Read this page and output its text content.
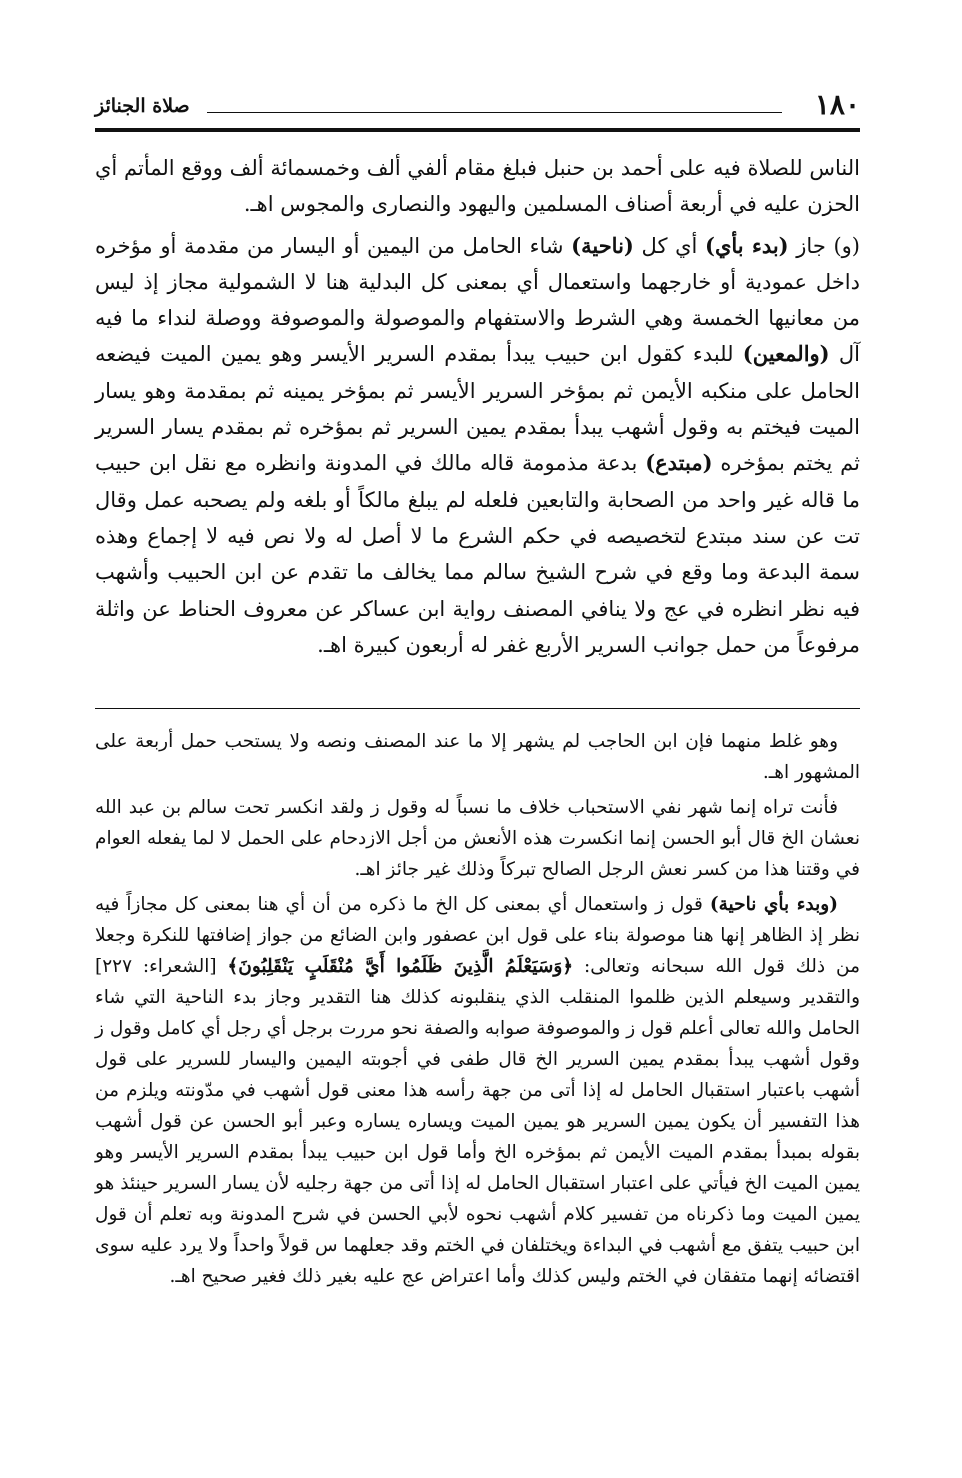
١٨٠
صلاة الجنائز

الناس للصلاة فيه على أحمد بن حنبل فبلغ مقام ألفي ألف وخمسمائة ألف ووقع المأتم أي الحزن عليه في أربعة أصناف المسلمين واليهود والنصارى والمجوس اهـ.

(و) جاز (بدء بأي) أي كل (ناحية) شاء الحامل من اليمين أو اليسار من مقدمة أو مؤخره داخل عمودية أو خارجهما واستعمال أي بمعنى كل البدلية هنا لا الشمولية مجاز إذ ليس من معانيها الخمسة وهي الشرط والاستفهام والموصولة والموصوفة ووصلة لنداء ما فيه آل (والمعين) للبدء كقول ابن حبيب يبدأ بمقدم السرير الأيسر وهو يمين الميت فيضعه الحامل على منكبه الأيمن ثم بمؤخر السرير الأيسر ثم بمؤخر يمينه ثم بمقدمة وهو يسار الميت فيختم به وقول أشهب يبدأ بمقدم يمين السرير ثم بمؤخره ثم بمقدم يسار السرير ثم يختم بمؤخره (مبتدع) بدعة مذمومة قاله مالك في المدونة وانظره مع نقل ابن حبيب ما قاله غير واحد من الصحابة والتابعين فلعله لم يبلغ مالكاً أو بلغه ولم يصحبه عمل وقال تت عن سند مبتدع لتخصيصه في حكم الشرع ما لا أصل له ولا نص فيه لا إجماع وهذه سمة البدعة وما وقع في شرح الشيخ سالم مما يخالف ما تقدم عن ابن الحبيب وأشهب فيه نظر انظره في عج ولا ينافي المصنف رواية ابن عساكر عن معروف الحناط عن واثلة مرفوعاً من حمل جوانب السرير الأربع غفر له أربعون كبيرة اهـ.

وهو غلط منهما فإن ابن الحاجب لم يشهر إلا ما عند المصنف ونصه ولا يستحب حمل أربعة على المشهور اهـ.

فأنت تراه إنما شهر نفي الاستحباب خلاف ما نسباً له وقول ز ولقد انكسر تحت سالم بن عبد الله نعشان الخ قال أبو الحسن إنما انكسرت هذه الأنعش من أجل الازدحام على الحمل لا لما يفعله العوام في وقتنا هذا من كسر نعش الرجل الصالح تبركاً وذلك غير جائز اهـ.

(وبدء بأي ناحية) قول ز واستعمال أي بمعنى كل الخ ما ذكره من أن أي هنا بمعنى كل مجازاً فيه نظر إذ الظاهر إنها هنا موصولة بناء على قول ابن عصفور وابن الضائع من جواز إضافتها للنكرة وجعلا من ذلك قول الله سبحانه وتعالى: ﴿وَسَيَعْلَمُ الَّذِينَ ظَلَمُوا أَيَّ مُنْقَلَبٍ يَنْقَلِبُونَ﴾ [الشعراء: ٢٢٧] والتقدير وسيعلم الذين ظلموا المنقلب الذي ينقلبونه كذلك هنا التقدير وجاز بدء الناحية التي شاء الحامل والله تعالى أعلم قول ز والموصوفة صوابه والصفة نحو مررت برجل أي رجل أي كامل وقول ز وقول أشهب يبدأ بمقدم يمين السرير الخ قال طفى في أجوبته اليمين واليسار للسرير على قول أشهب باعتبار استقبال الحامل له إذا أتى من جهة رأسه هذا معنى قول أشهب في مدّونته ويلزم من هذا التفسير أن يكون يمين السرير هو يمين الميت ويساره يساره وعبر أبو الحسن عن قول أشهب بقوله بمبدأ بمقدم الميت الأيمن ثم بمؤخره الخ وأما قول ابن حبيب يبدأ بمقدم السرير الأيسر وهو يمين الميت الخ فيأتي على اعتبار استقبال الحامل له إذا أتى من جهة رجليه لأن يسار السرير حينئذ هو يمين الميت وما ذكرناه من تفسير كلام أشهب نحوه لأبي الحسن في شرح المدونة وبه تعلم أن قول ابن حبيب يتفق مع أشهب في البداءة ويختلفان في الختم وقد جعلهما س قولاً واحداً ولا يرد عليه سوى اقتضائه إنهما متفقان في الختم وليس كذلك وأما اعتراض عج عليه بغير ذلك فغير صحيح اهـ.
